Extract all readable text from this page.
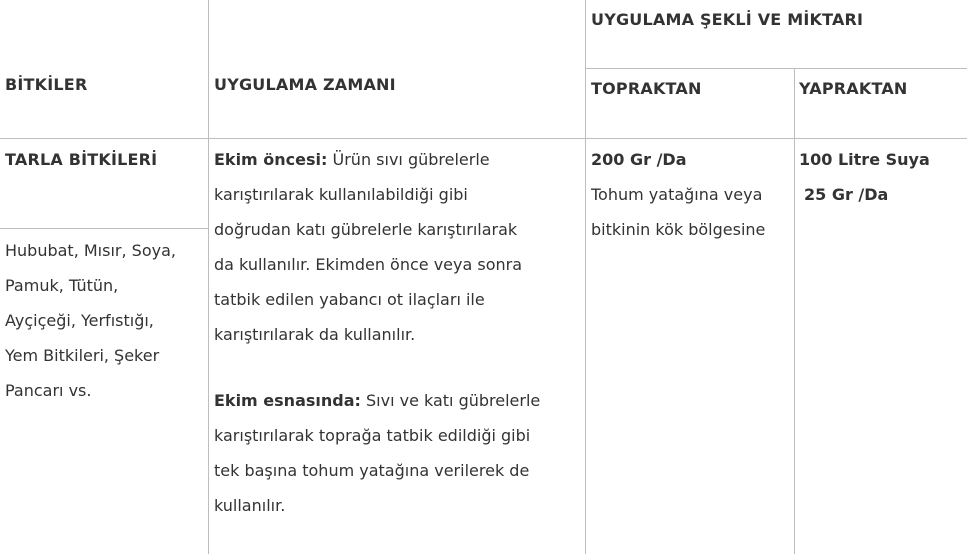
BİTKİLER	UYGULAMA ZAMANI
UYGULAMA ŞEKLİ VE MİKTARI
TOPRAKTAN	YAPRAKTAN
TARLA BİTKİLERİ
Hububat, Mısır, Soya,
Pamuk, Tütün,
Ayçiçeği, Yerfıstığı,
Yem Bitkileri, Şeker
Pancarı vs.
Ekim öncesi: Ürün sıvı gübrelerle
karıştırılarak kullanılabildiği gibi
doğrudan katı gübrelerle karıştırılarak
da kullanılır. Ekimden önce veya sonra
tatbik edilen yabancı ot ilaçları ile
karıştırılarak da kullanılır.
Ekim esnasında: Sıvı ve katı gübrelerle
karıştırılarak toprağa tatbik edildiği gibi
tek başına tohum yatağına verilerek de
kullanılır.
200 Gr /Da
Tohum yatağına veya
bitkinin kök bölgesine
100 Litre Suya
25 Gr /Da
